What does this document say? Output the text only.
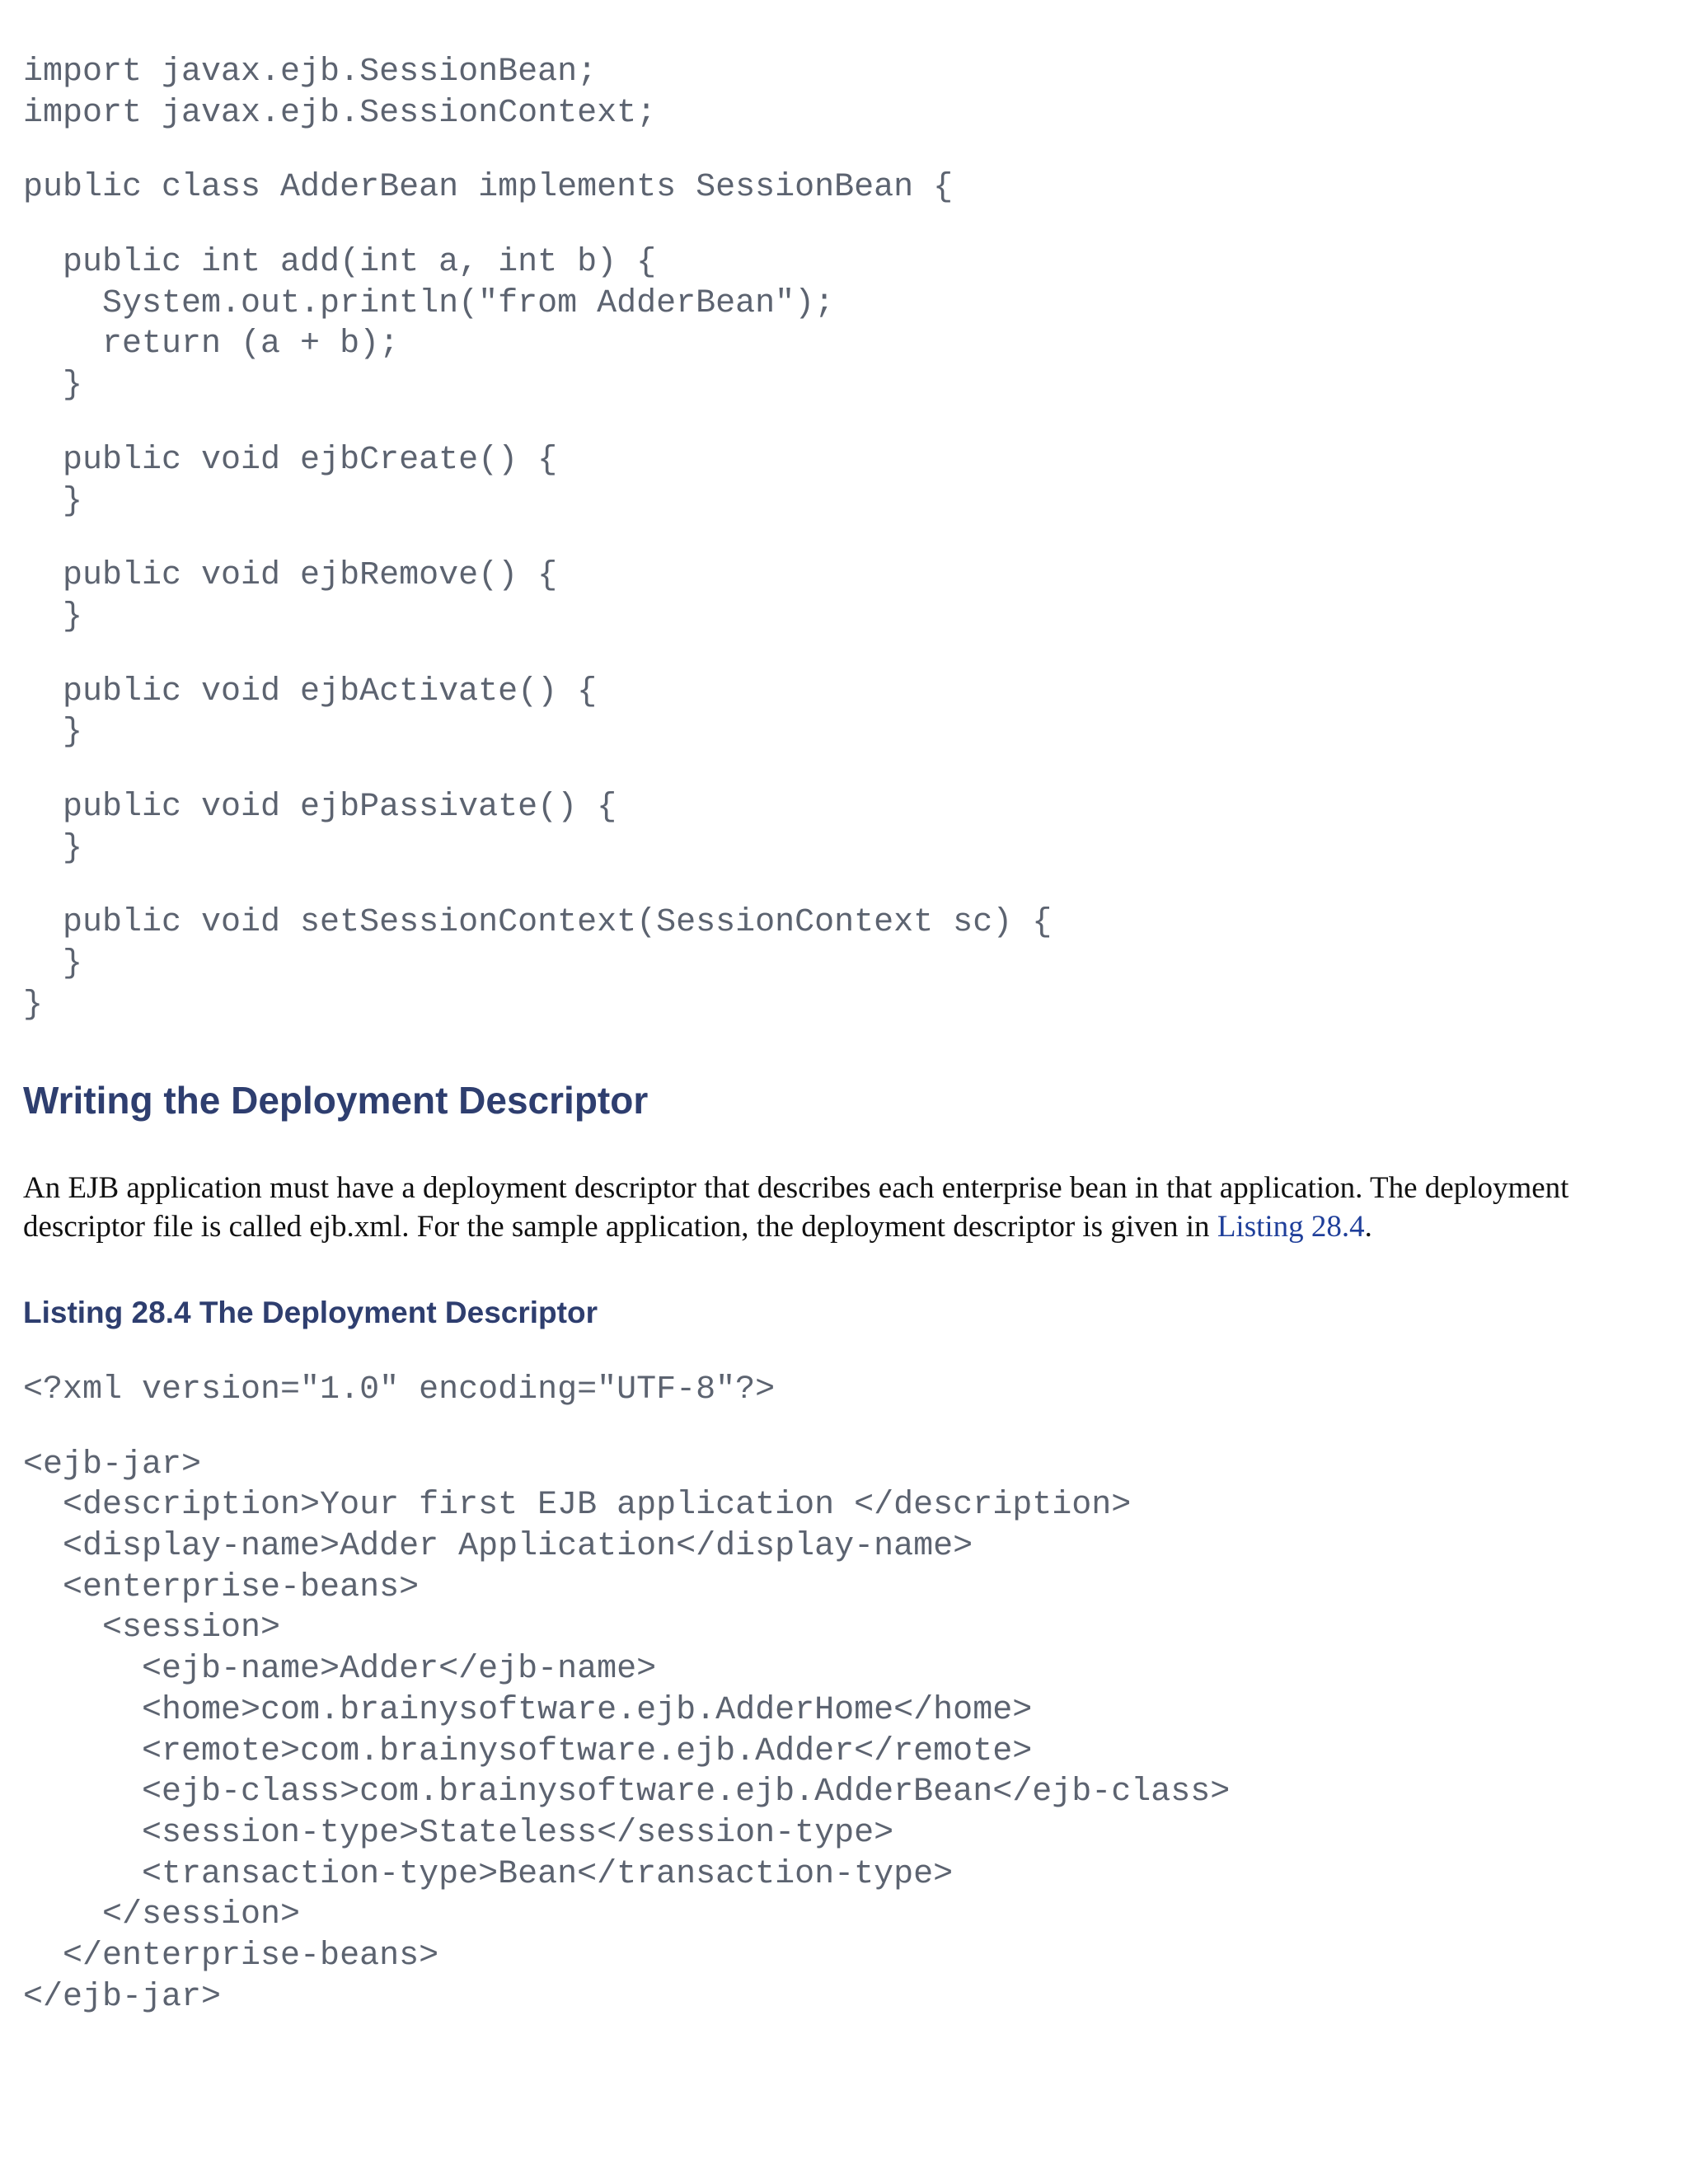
import javax.ejb.SessionBean;
import javax.ejb.SessionContext;
public class AdderBean implements SessionBean {
public int add(int a, int b) {
System.out.println("from AdderBean");
return (a + b);
}
public void ejbCreate() {
}
public void ejbRemove() {
}
public void ejbActivate() {
}
public void ejbPassivate() {
}
public void setSessionContext(SessionContext sc) {
}
}
Writing the Deployment Descriptor

An EJB application must have a deployment descriptor that describes each enterprise bean in that application. The deployment descriptor file is called ejb.xml. For the sample application, the deployment descriptor is given in Listing 28.4.

Listing 28.4 The Deployment Descriptor
<?xml version="1.0" encoding="UTF-8"?>
<ejb-jar>
<description>Your first EJB application </description>
<display-name>Adder Application</display-name>
<enterprise-beans>
<session>
<ejb-name>Adder</ejb-name>
<home>com.brainysoftware.ejb.AdderHome</home>
<remote>com.brainysoftware.ejb.Adder</remote>
<ejb-class>com.brainysoftware.ejb.AdderBean</ejb-class>
<session-type>Stateless</session-type>
<transaction-type>Bean</transaction-type>
</session>
</enterprise-beans>
</ejb-jar>
